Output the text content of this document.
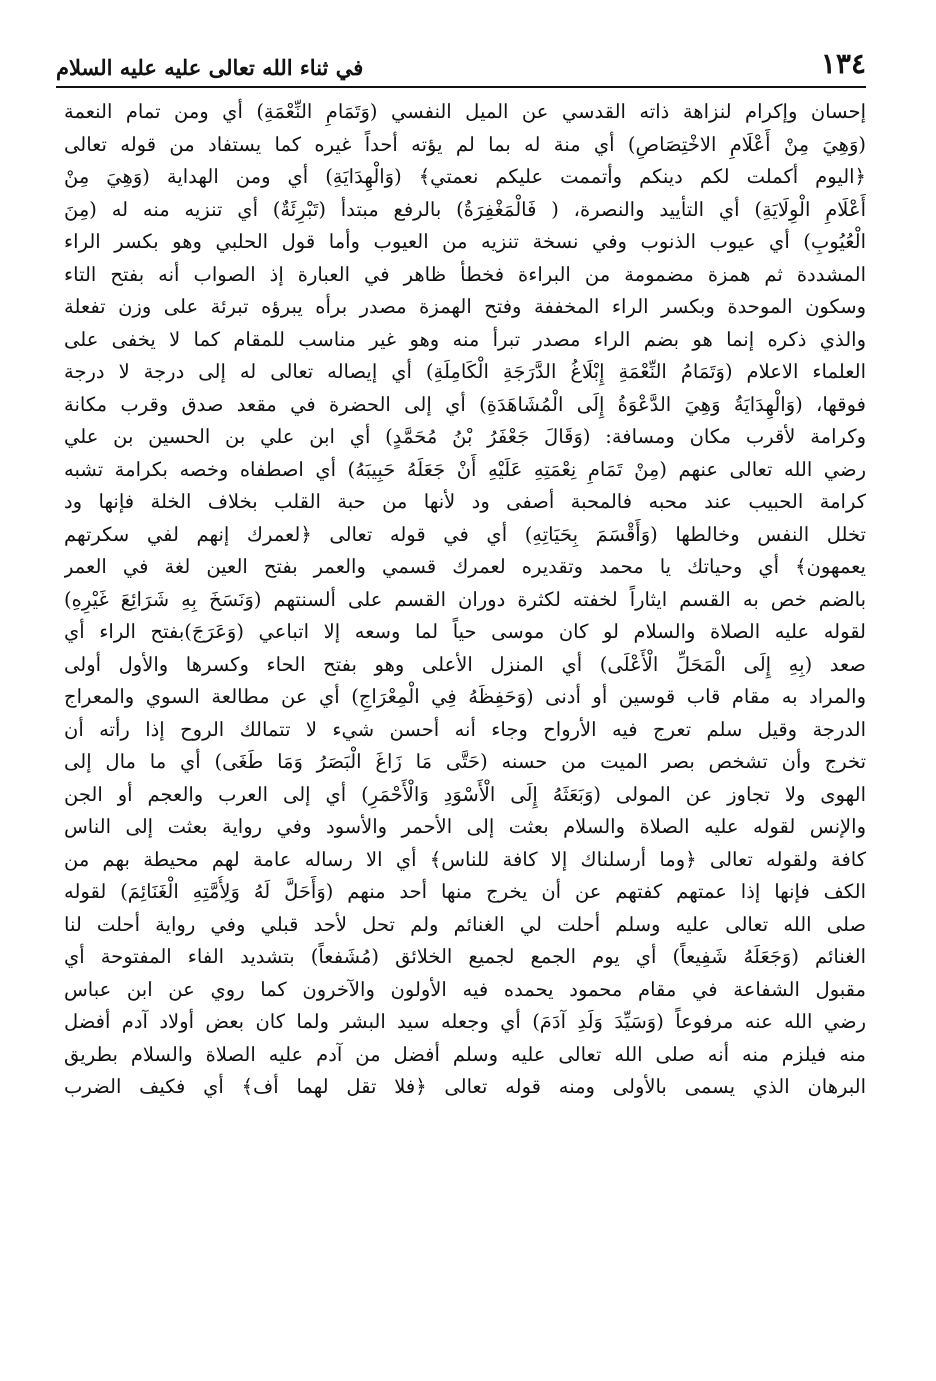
١٣٤
في ثناء الله تعالى عليه عليه السلام
إحسان وإكرام لنزاهة ذاته القدسي عن الميل النفسي (وَتَمَامِ النِّعْمَةِ) أي ومن تمام النعمة
(وَهِيَ مِنْ أَعْلَامِ الاخْتِصَاصِ) أي منة له بما لم يؤته أحداً غيره كما يستفاد من قوله تعالى
﴿اليوم أكملت لكم دينكم وأتممت عليكم نعمتي﴾ (وَالْهِدَايَةِ) أي ومن الهداية (وَهِيَ مِنْ
أَعْلَامِ الْوِلَايَةِ) أي التأييد والنصرة، ( فَالْمَغْفِرَةُ) بالرفع مبتدأ (تَبْرِئَةٌ) أي تنزيه منه له (مِنَ
الْعُيُوبِ) أي عيوب الذنوب وفي نسخة تنزيه من العيوب وأما قول الحلبي وهو بكسر الراء
المشددة ثم همزة مضمومة من البراءة فخطأ ظاهر في العبارة إذ الصواب أنه بفتح التاء
وسكون الموحدة وبكسر الراء المخففة وفتح الهمزة مصدر برأه يبرؤه تبرئة على وزن تفعلة
والذي ذكره إنما هو بضم الراء مصدر تبرأ منه وهو غير مناسب للمقام كما لا يخفى على
العلماء الاعلام (وَتَمَامُ النِّعْمَةِ إِبْلَاغُ الدَّرَجَةِ الْكَامِلَةِ) أي إيصاله تعالى له إلى درجة لا درجة
فوقها، (وَالْهِدَايَةُ وَهِيَ الدَّعْوَةُ إِلَى الْمُشَاهَدَةِ) أي إلى الحضرة في مقعد صدق وقرب مكانة
وكرامة لأقرب مكان ومسافة: (وَقَالَ جَعْفَرُ بْنُ مُحَمَّدٍ) أي ابن علي بن الحسين بن علي
رضي الله تعالى عنهم (مِنْ تَمَامِ نِعْمَتِهِ عَلَيْهِ أَنْ جَعَلَهُ حَبِيبَهُ) أي اصطفاه وخصه بكرامة تشبه
كرامة الحبيب عند محبه فالمحبة أصفى ود لأنها من حبة القلب بخلاف الخلة فإنها ود
تخلل النفس وخالطها (وَأَقْسَمَ بِحَيَاتِهِ) أي في قوله تعالى ﴿لعمرك إنهم لفي سكرتهم
يعمهون﴾ أي وحياتك يا محمد وتقديره لعمرك قسمي والعمر بفتح العين لغة في العمر
بالضم خص به القسم ايثاراً لخفته لكثرة دوران القسم على ألسنتهم (وَنَسَخَ بِهِ شَرَائِعَ غَيْرِهِ)
لقوله عليه الصلاة والسلام لو كان موسى حياً لما وسعه إلا اتباعي (وَعَرَجَ)بفتح الراء أي
صعد (بِهِ إِلَى الْمَحَلِّ الْأَعْلَى) أي المنزل الأعلى وهو بفتح الحاء وكسرها والأول أولى
والمراد به مقام قاب قوسين أو أدنى (وَحَفِظَهُ فِي الْمِعْرَاجِ) أي عن مطالعة السوي والمعراج
الدرجة وقيل سلم تعرج فيه الأرواح وجاء أنه أحسن شيء لا تتمالك الروح إذا رأته أن
تخرج وأن تشخص بصر الميت من حسنه (حَتَّى مَا زَاغَ الْبَصَرُ وَمَا طَغَى) أي ما مال إلى
الهوى ولا تجاوز عن المولى (وَبَعَثَهُ إِلَى الْأَسْوَدِ وَالْأَحْمَرِ) أي إلى العرب والعجم أو الجن
والإنس لقوله عليه الصلاة والسلام بعثت إلى الأحمر والأسود وفي رواية بعثت إلى الناس
كافة ولقوله تعالى ﴿وما أرسلناك إلا كافة للناس﴾ أي الا رساله عامة لهم محيطة بهم من
الكف فإنها إذا عمتهم كفتهم عن أن يخرج منها أحد منهم (وَأَحَلَّ لَهُ وَلِأُمَّتِهِ الْغَنَائِمَ) لقوله
صلى الله تعالى عليه وسلم أحلت لي الغنائم ولم تحل لأحد قبلي وفي رواية أحلت لنا
الغنائم (وَجَعَلَهُ شَفِيعاً) أي يوم الجمع لجميع الخلائق (مُشَفعاً) بتشديد الفاء المفتوحة أي
مقبول الشفاعة في مقام محمود يحمده فيه الأولون والآخرون كما روي عن ابن عباس
رضي الله عنه مرفوعاً (وَسَيِّدَ وَلَدِ آدَمَ) أي وجعله سيد البشر ولما كان بعض أولاد آدم أفضل
منه فيلزم منه أنه صلى الله تعالى عليه وسلم أفضل من آدم عليه الصلاة والسلام بطريق
البرهان الذي يسمى بالأولى ومنه قوله تعالى ﴿فلا تقل لهما أف﴾ أي فكيف الضرب
